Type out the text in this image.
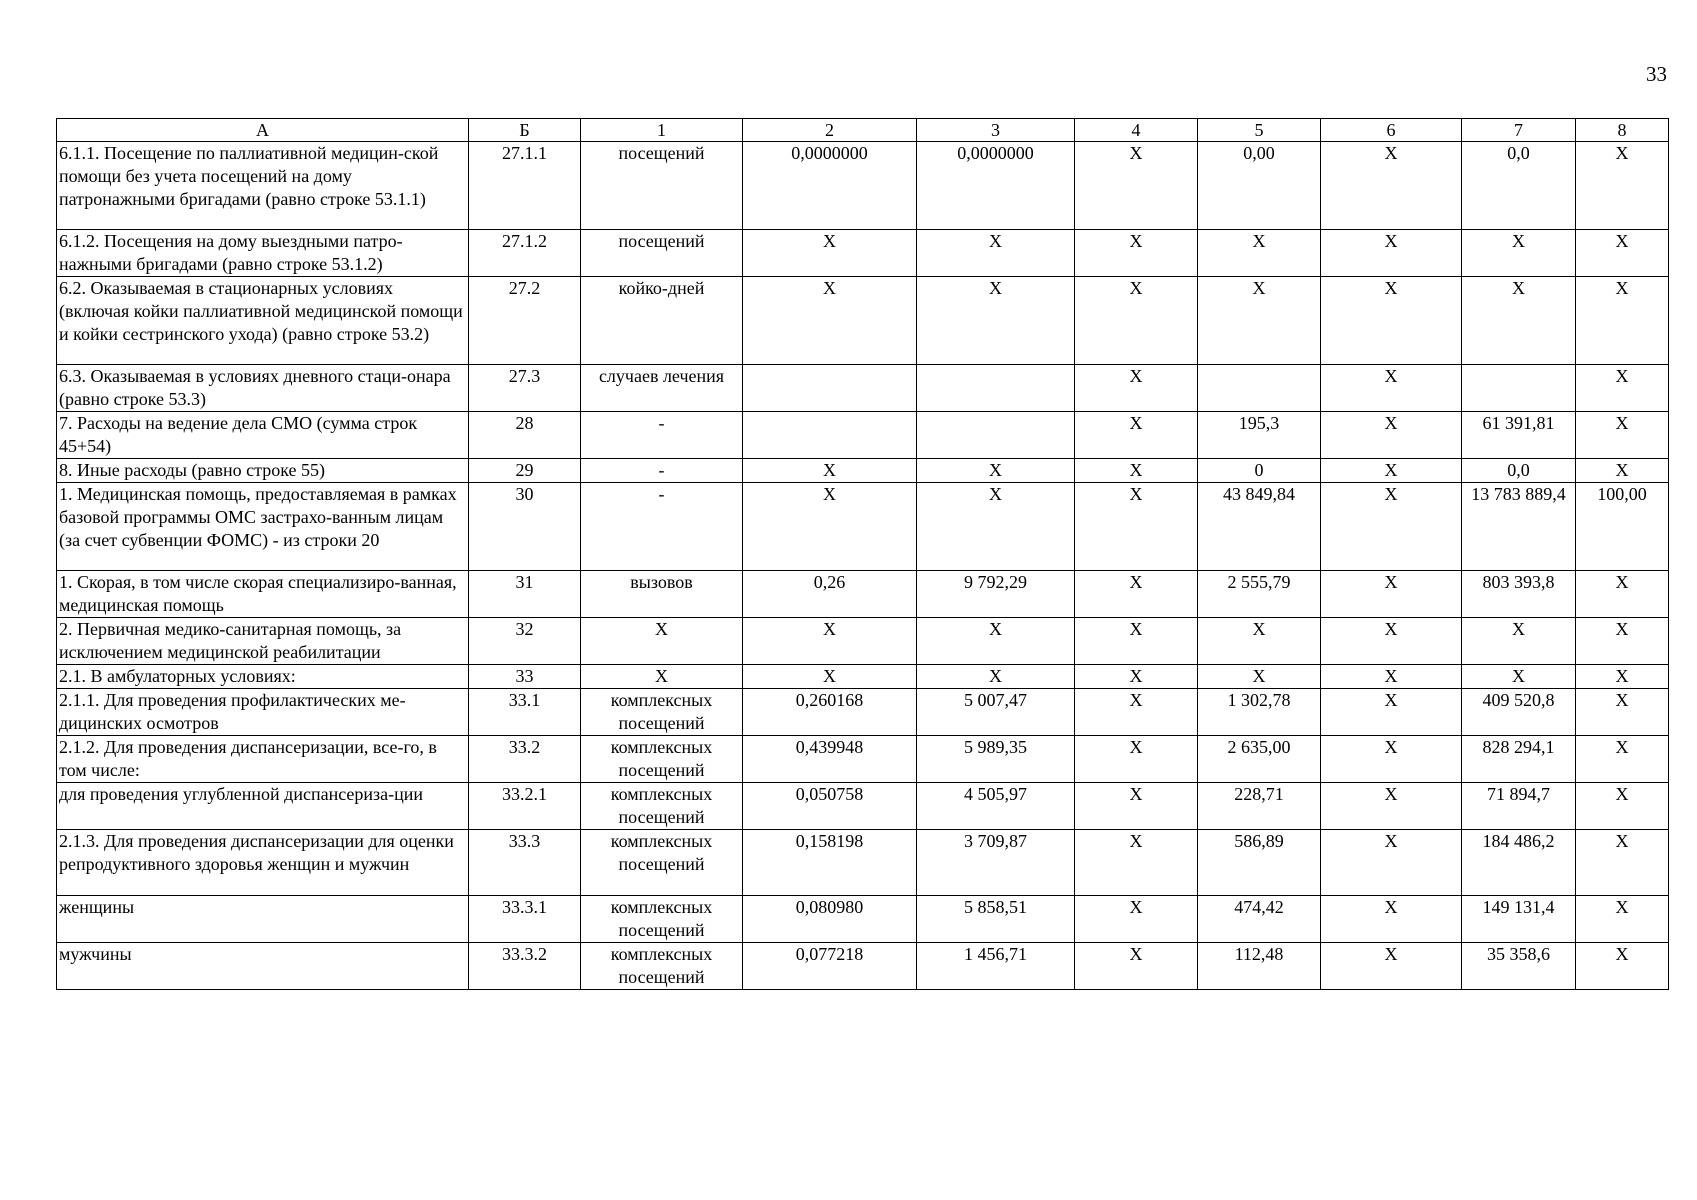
33
А	Б	1	2	3	4	5	6	7	8
6.1.1. Посещение по паллиативной медицин-ской помощи без учета посещений на дому патронажными бригадами (равно строке 53.1.1)	27.1.1	посещений	0,0000000	0,0000000	X	0,00	X	0,0	X
6.1.2. Посещения на дому выездными патро-нажными бригадами (равно строке 53.1.2)	27.1.2	посещений	X	X	X	X	X	X	X
6.2. Оказываемая в стационарных условиях (включая койки паллиативной медицинской помощи и койки сестринского ухода) (равно строке 53.2)	27.2	койко-дней	X	X	X	X	X	X	X
6.3. Оказываемая в условиях дневного стаци-онара (равно строке 53.3)	27.3	случаев лечения			X		X		X
7. Расходы на ведение дела СМО (сумма строк 45+54)	28	-			X	195,3	X	61 391,81	X
8. Иные расходы (равно строке 55)	29	-	X	X	X	0	X	0,0	X
1. Медицинская помощь, предоставляемая в рамках базовой программы ОМС застрахо-ванным лицам (за счет субвенции ФОМС) - из строки 20	30	-	X	X	X	43 849,84	X	13 783 889,4	100,00
1. Скорая, в том числе скорая специализиро-ванная, медицинская помощь	31	вызовов	0,26	9 792,29	X	2 555,79	X	803 393,8	X
2. Первичная медико-санитарная помощь, за исключением медицинской реабилитации	32	X	X	X	X	X	X	X	X
2.1. В амбулаторных условиях:	33	X	X	X	X	X	X	X	X
2.1.1. Для проведения профилактических ме-дицинских осмотров	33.1	комплексных посещений	0,260168	5 007,47	X	1 302,78	X	409 520,8	X
2.1.2. Для проведения диспансеризации, все-го, в том числе:	33.2	комплексных посещений	0,439948	5 989,35	X	2 635,00	X	828 294,1	X
для проведения углубленной диспансериза-ции	33.2.1	комплексных посещений	0,050758	4 505,97	X	228,71	X	71 894,7	X
2.1.3. Для проведения диспансеризации для оценки репродуктивного здоровья женщин и мужчин	33.3	комплексных посещений	0,158198	3 709,87	X	586,89	X	184 486,2	X
женщины	33.3.1	комплексных посещений	0,080980	5 858,51	X	474,42	X	149 131,4	X
мужчины	33.3.2	комплексных посещений	0,077218	1 456,71	X	112,48	X	35 358,6	X
